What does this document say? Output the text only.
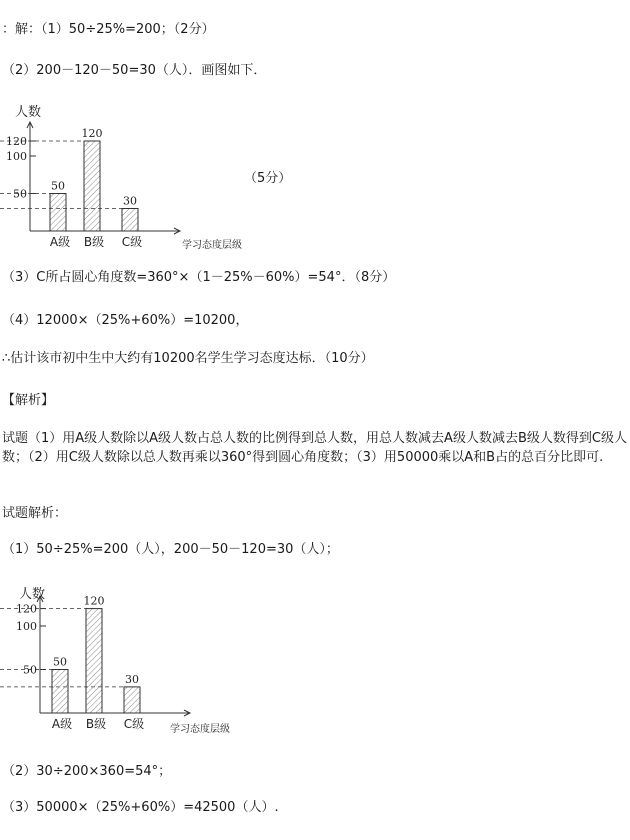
：解：（1）50÷25%=200；（2分）
（2）200－120－50=30（人）．画图如下．
50
A级
120
B级
30
C级
50
100
120
人数
学习态度层级
（5分）
（3）C所占圆心角度数=360°×（1－25%－60%）=54°．（8分）
（4）12000×（25%+60%）=10200，
∴估计该市初中生中大约有10200名学生学习态度达标．（10分）
【解析】
试题（1）用A级人数除以A级人数占总人数的比例得到总人数，用总人数减去A级人数减去B级人数得到C级人数；（2）用C级人数除以总人数再乘以360°得到圆心角度数；（3）用50000乘以A和B占的总百分比即可.
试题解析：
（1）50÷25%=200（人），200－50－120=30（人）；
50
A级
120
B级
30
C级
50
100
120
人数
学习态度层级
（2）30÷200×360=54°；
（3）50000×（25%+60%）=42500（人）.
